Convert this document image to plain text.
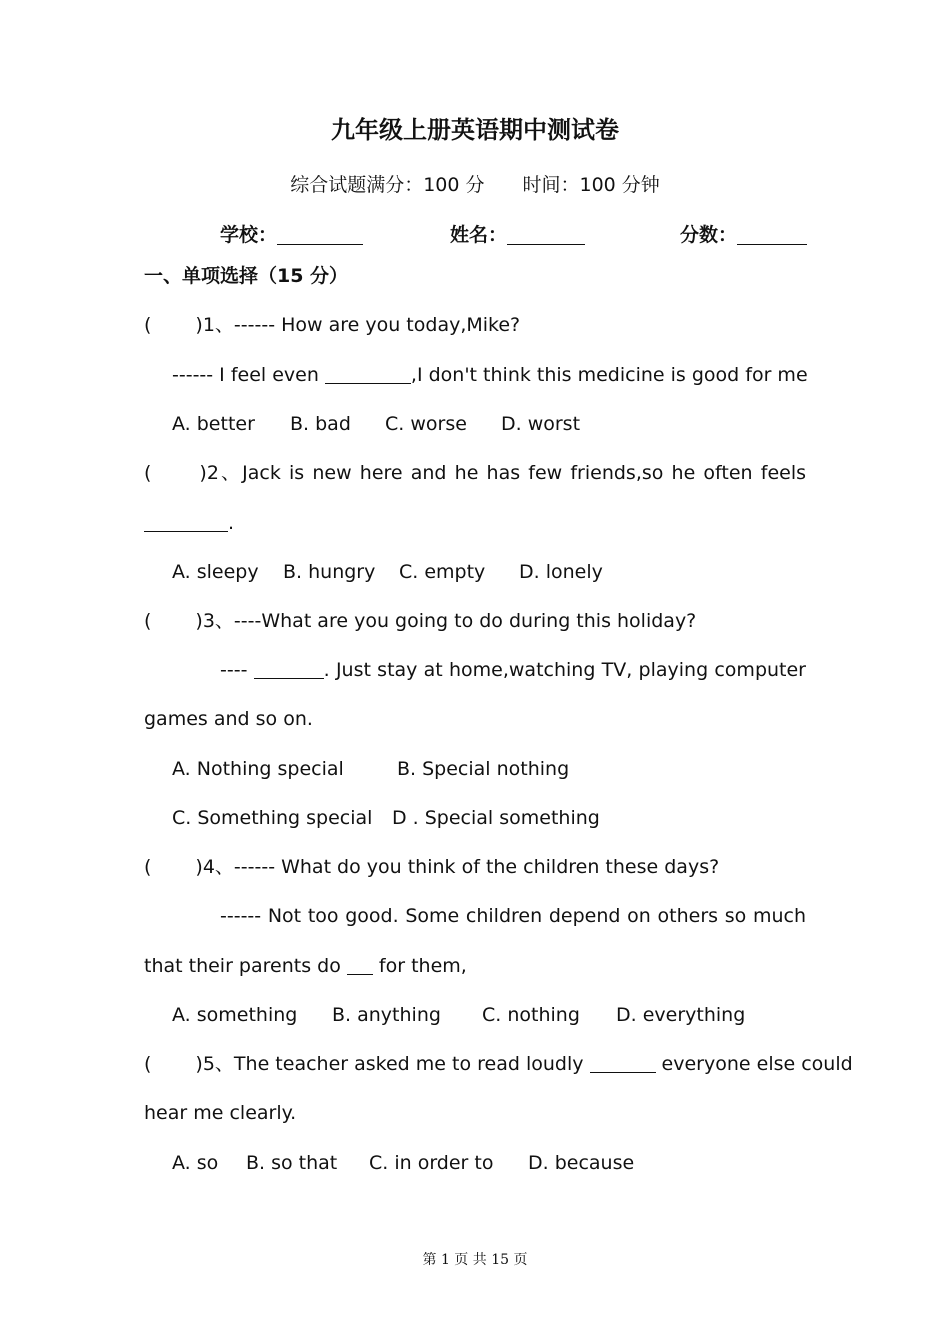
九年级上册英语期中测试卷
综合试题满分：100 分 时间：100 分钟
学校：	姓名：	分数：
一、单项选择（15 分）
( )1、------ How are you today,Mike?
------ I feel even	,I don't think this medicine is good for me
A. better B. bad C. worse D. worst
(	)2、Jack is new here and he has few friends,so he often feels
.
A. sleepy B. hungry C. empty D. lonely
( )3、----What are you going to do during this holiday?
----	. Just stay at home,watching TV, playing computer
games and so on.
A. Nothing special	B. Special nothing
C. Something special D . Special something
( )4、------ What do you think of the children these days?
------ Not too good. Some children depend on others so much
that their parents do  for them,
A. something B. anything C. nothing D. everything
( )5、The teacher asked me to read loudly	everyone else could
hear me clearly.
A. so B. so that C. in order to D. because
第 1 页 共 15 页
